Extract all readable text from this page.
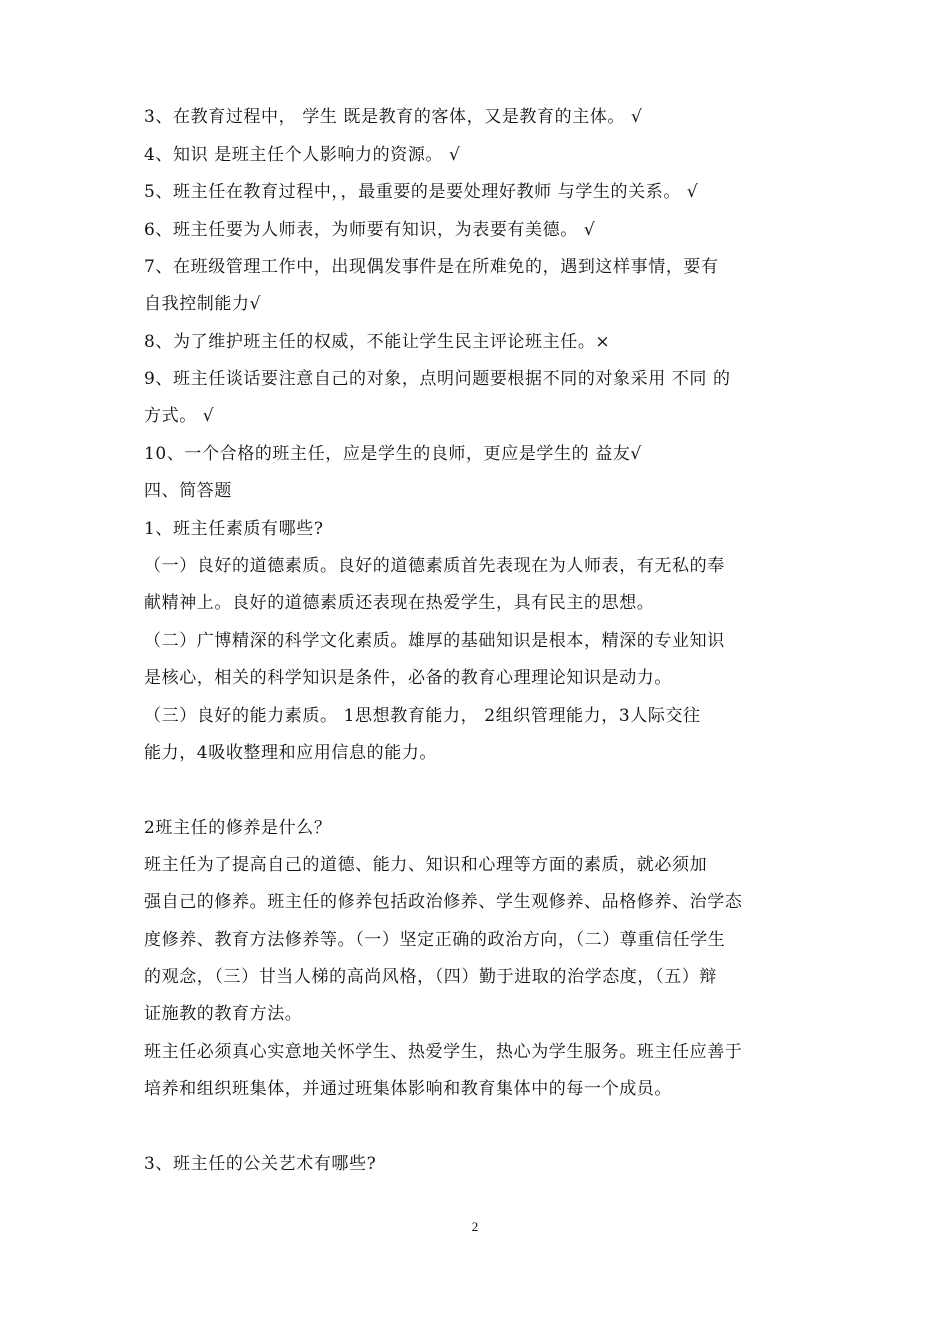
3、在教育过程中， 学生 既是教育的客体，又是教育的主体。 √
4、知识 是班主任个人影响力的资源。 √
5、班主任在教育过程中，，最重要的是要处理好教师 与学生的关系。 √
6、班主任要为人师表，为师要有知识，为表要有美德。 √
7、在班级管理工作中，出现偶发事件是在所难免的，遇到这样事情，要有
自我控制能力√
8、为了维护班主任的权威，不能让学生民主评论班主任。×
9、班主任谈话要注意自己的对象，点明问题要根据不同的对象采用 不同 的
方式。 √
10、一个合格的班主任，应是学生的良师，更应是学生的 益友√
四、简答题
1、班主任素质有哪些?
（一）良好的道德素质。良好的道德素质首先表现在为人师表，有无私的奉
献精神上。良好的道德素质还表现在热爱学生，具有民主的思想。
（二）广博精深的科学文化素质。雄厚的基础知识是根本，精深的专业知识
是核心，相关的科学知识是条件，必备的教育心理理论知识是动力。
（三）良好的能力素质。 1思想教育能力， 2组织管理能力，3人际交往
能力，4吸收整理和应用信息的能力。
2班主任的修养是什么？
班主任为了提高自己的道德、能力、知识和心理等方面的素质，就必须加
强自己的修养。班主任的修养包括政治修养、学生观修养、品格修养、治学态
度修养、教育方法修养等。（一）坚定正确的政治方向，（二）尊重信任学生
的观念，（三）甘当人梯的高尚风格，（四）勤于进取的治学态度，（五）辩
证施教的教育方法。
班主任必须真心实意地关怀学生、热爱学生，热心为学生服务。班主任应善于
培养和组织班集体，并通过班集体影响和教育集体中的每一个成员。
3、班主任的公关艺术有哪些?
2
